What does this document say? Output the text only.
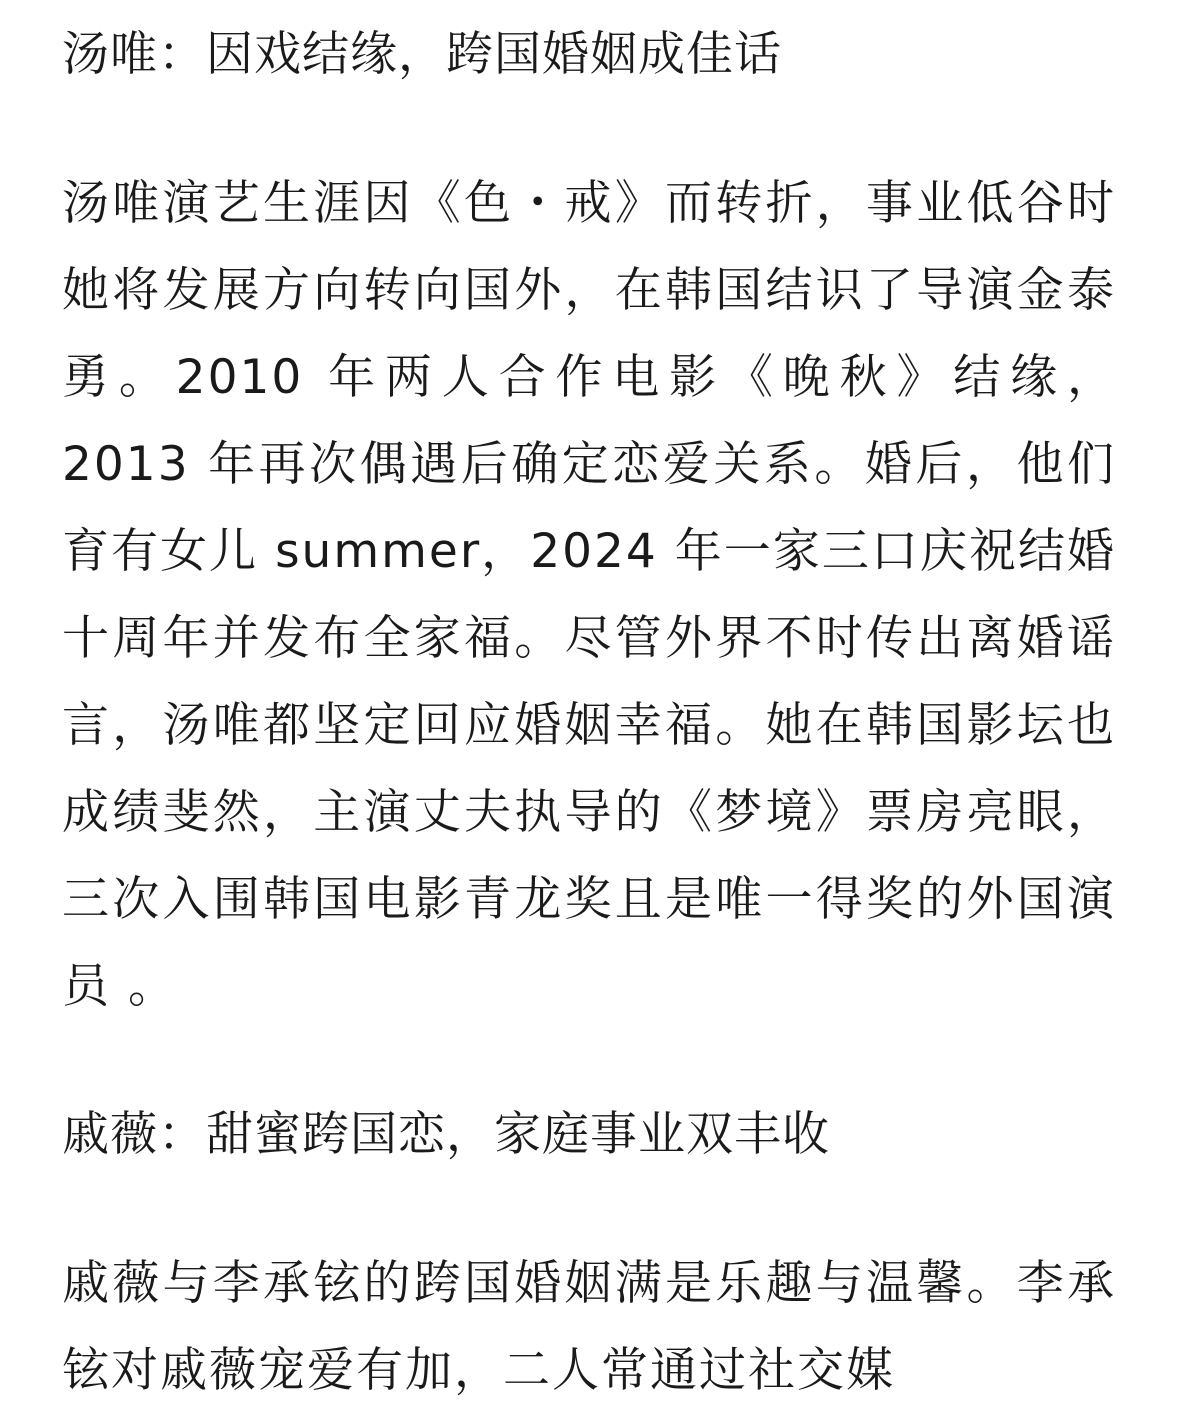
汤唯：因戏结缘，跨国婚姻成佳话

汤唯演艺生涯因《色・戒》而转折，事业低谷时她将发展方向转向国外，在韩国结识了导演金泰勇。2010 年两人合作电影《晚秋》结缘，2013 年再次偶遇后确定恋爱关系。婚后，他们育有女儿 summer，2024 年一家三口庆祝结婚十周年并发布全家福。尽管外界不时传出离婚谣言，汤唯都坚定回应婚姻幸福。她在韩国影坛也成绩斐然，主演丈夫执导的《梦境》票房亮眼，三次入围韩国电影青龙奖且是唯一得奖的外国演员 。

戚薇：甜蜜跨国恋，家庭事业双丰收

戚薇与李承铉的跨国婚姻满是乐趣与温馨。李承铉对戚薇宠爱有加，二人常通过社交媒
